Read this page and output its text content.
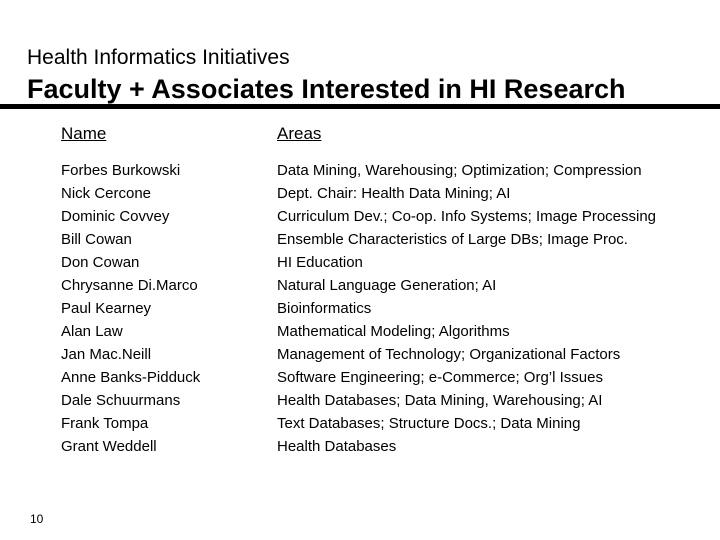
Health Informatics Initiatives
Faculty + Associates Interested in HI Research
Name
Forbes Burkowski
Nick Cercone
Dominic Covvey
Bill Cowan
Don Cowan
Chrysanne Di.Marco
Paul Kearney
Alan Law
Jan Mac.Neill
Anne Banks-Pidduck
Dale Schuurmans
Frank Tompa
Grant Weddell
Areas
Data Mining, Warehousing; Optimization; Compression
Dept. Chair: Health Data Mining; AI
Curriculum Dev.; Co-op. Info Systems; Image Processing
Ensemble Characteristics of Large DBs; Image Proc.
HI Education
Natural Language Generation; AI
Bioinformatics
Mathematical Modeling; Algorithms
Management of Technology; Organizational Factors
Software Engineering; e-Commerce; Org’l Issues
Health Databases; Data Mining, Warehousing; AI
Text Databases; Structure Docs.; Data Mining
Health Databases
10
